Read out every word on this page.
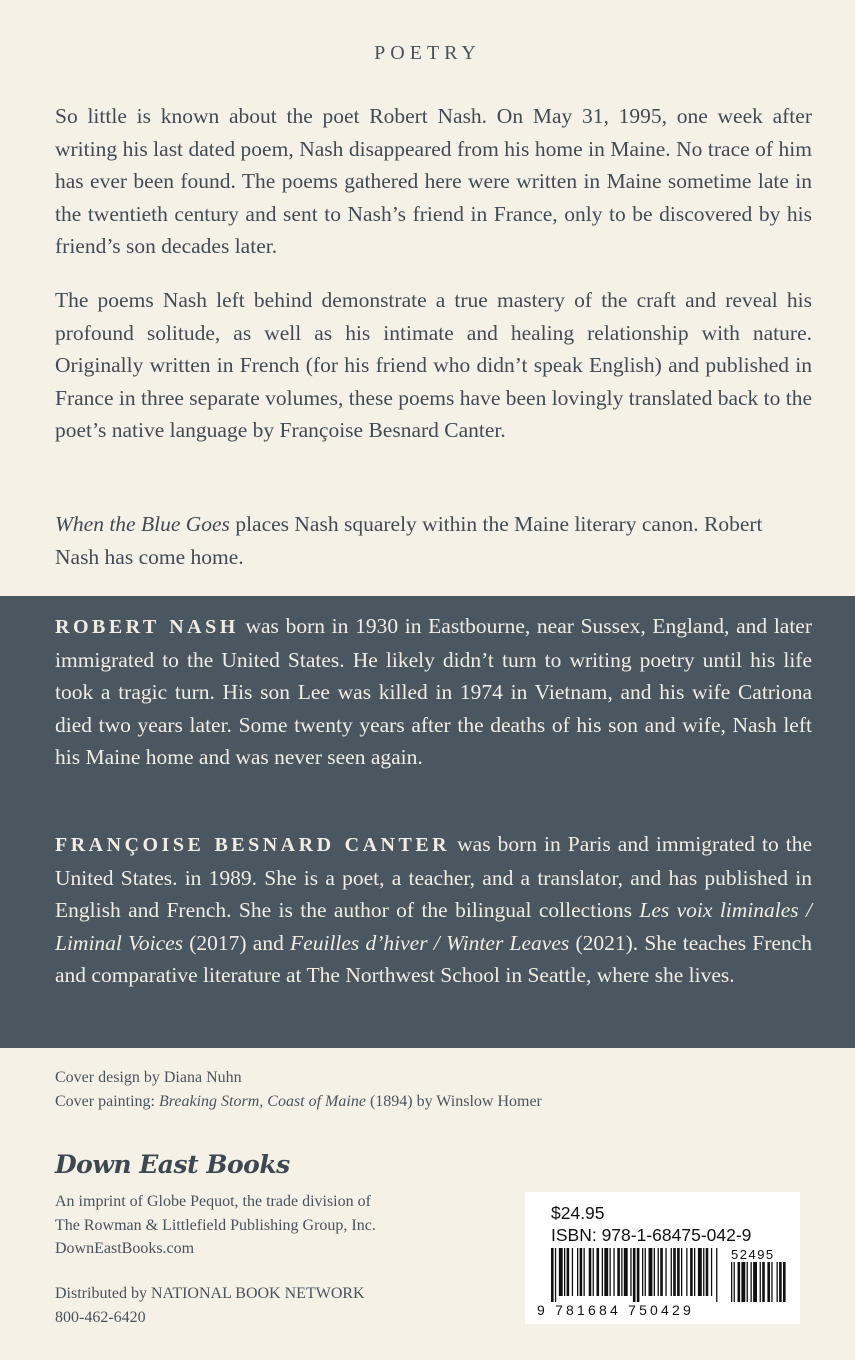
POETRY

So little is known about the poet Robert Nash. On May 31, 1995, one week after writing his last dated poem, Nash disappeared from his home in Maine. No trace of him has ever been found. The poems gathered here were written in Maine sometime late in the twentieth century and sent to Nash’s friend in France, only to be discovered by his friend’s son decades later.

The poems Nash left behind demonstrate a true mastery of the craft and reveal his profound solitude, as well as his intimate and healing relationship with nature. Originally written in French (for his friend who didn’t speak English) and published in France in three separate volumes, these poems have been lovingly translated back to the poet’s native language by Françoise Besnard Canter.

When the Blue Goes places Nash squarely within the Maine literary canon. Robert Nash has come home.

ROBERT NASH was born in 1930 in Eastbourne, near Sussex, England, and later immigrated to the United States. He likely didn’t turn to writing poetry until his life took a tragic turn. His son Lee was killed in 1974 in Vietnam, and his wife Catriona died two years later. Some twenty years after the deaths of his son and wife, Nash left his Maine home and was never seen again.

FRANÇOISE BESNARD CANTER was born in Paris and immigrated to the United States. in 1989. She is a poet, a teacher, and a translator, and has published in English and French. She is the author of the bilingual collections Les voix liminales / Liminal Voices (2017) and Feuilles d’hiver / Winter Leaves (2021). She teaches French and comparative literature at The Northwest School in Seattle, where she lives.

Cover design by Diana Nuhn
Cover painting: Breaking Storm, Coast of Maine (1894) by Winslow Homer
Down East Books
An imprint of Globe Pequot, the trade division of
The Rowman & Littlefield Publishing Group, Inc.
DownEastBooks.com
Distributed by NATIONAL BOOK NETWORK
800-462-6420
$24.95
ISBN: 978-1-68475-042-9
52495
9 781684 750429
